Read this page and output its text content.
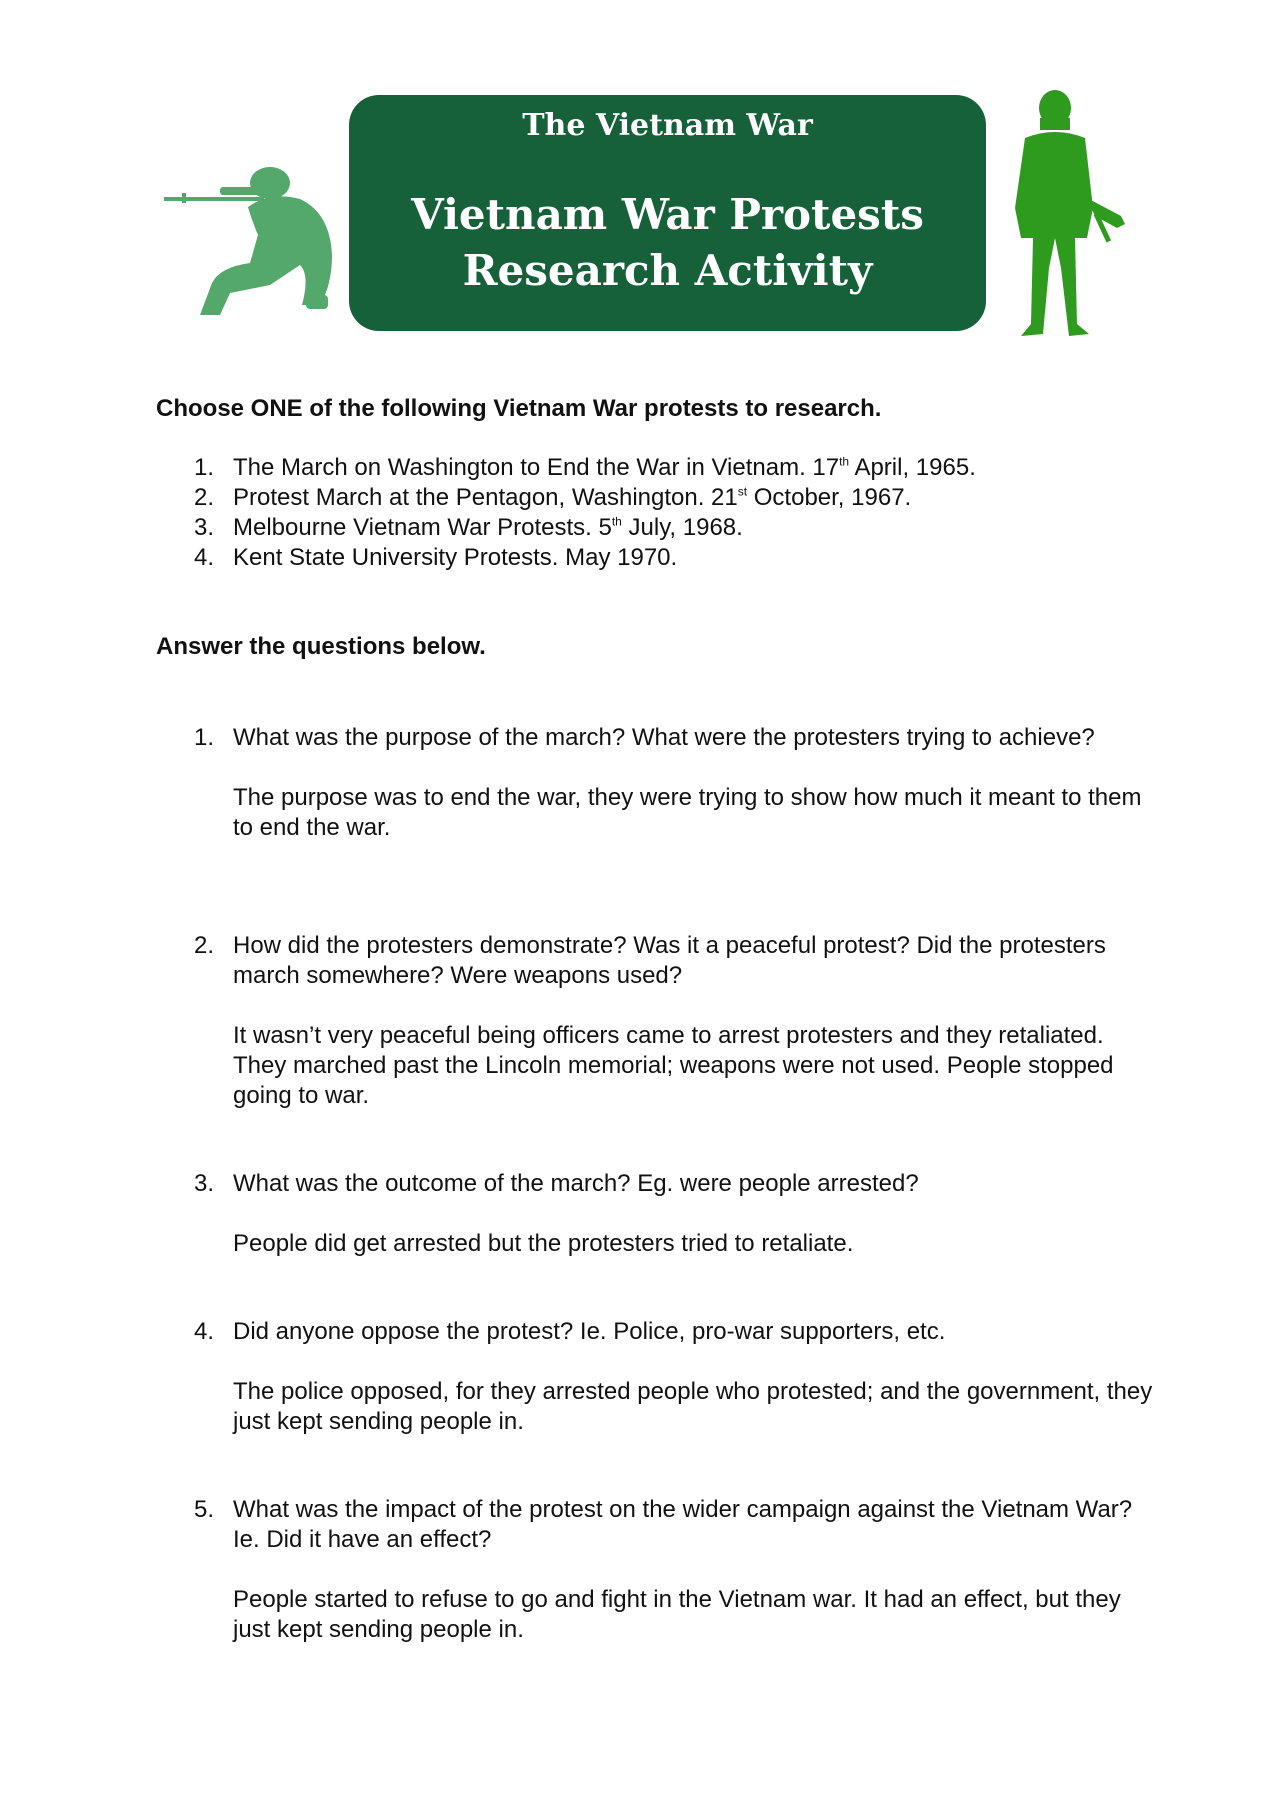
The Vietnam War
Vietnam War Protests
Research Activity
Choose ONE of the following Vietnam War protests to research.
1. The March on Washington to End the War in Vietnam. 17th April, 1965.
2. Protest March at the Pentagon, Washington. 21st October, 1967.
3. Melbourne Vietnam War Protests. 5th July, 1968.
4. Kent State University Protests. May 1970.
Answer the questions below.
1. What was the purpose of the march? What were the protesters trying to achieve?
The purpose was to end the war, they were trying to show how much it meant to them to end the war.
2. How did the protesters demonstrate? Was it a peaceful protest? Did the protesters march somewhere? Were weapons used?
It wasn’t very peaceful being officers came to arrest protesters and they retaliated. They marched past the Lincoln memorial; weapons were not used. People stopped going to war.
3. What was the outcome of the march? Eg. were people arrested?
People did get arrested but the protesters tried to retaliate.
4. Did anyone oppose the protest? Ie. Police, pro-war supporters, etc.
The police opposed, for they arrested people who protested; and the government, they just kept sending people in.
5. What was the impact of the protest on the wider campaign against the Vietnam War? Ie. Did it have an effect?
People started to refuse to go and fight in the Vietnam war. It had an effect, but they just kept sending people in.
